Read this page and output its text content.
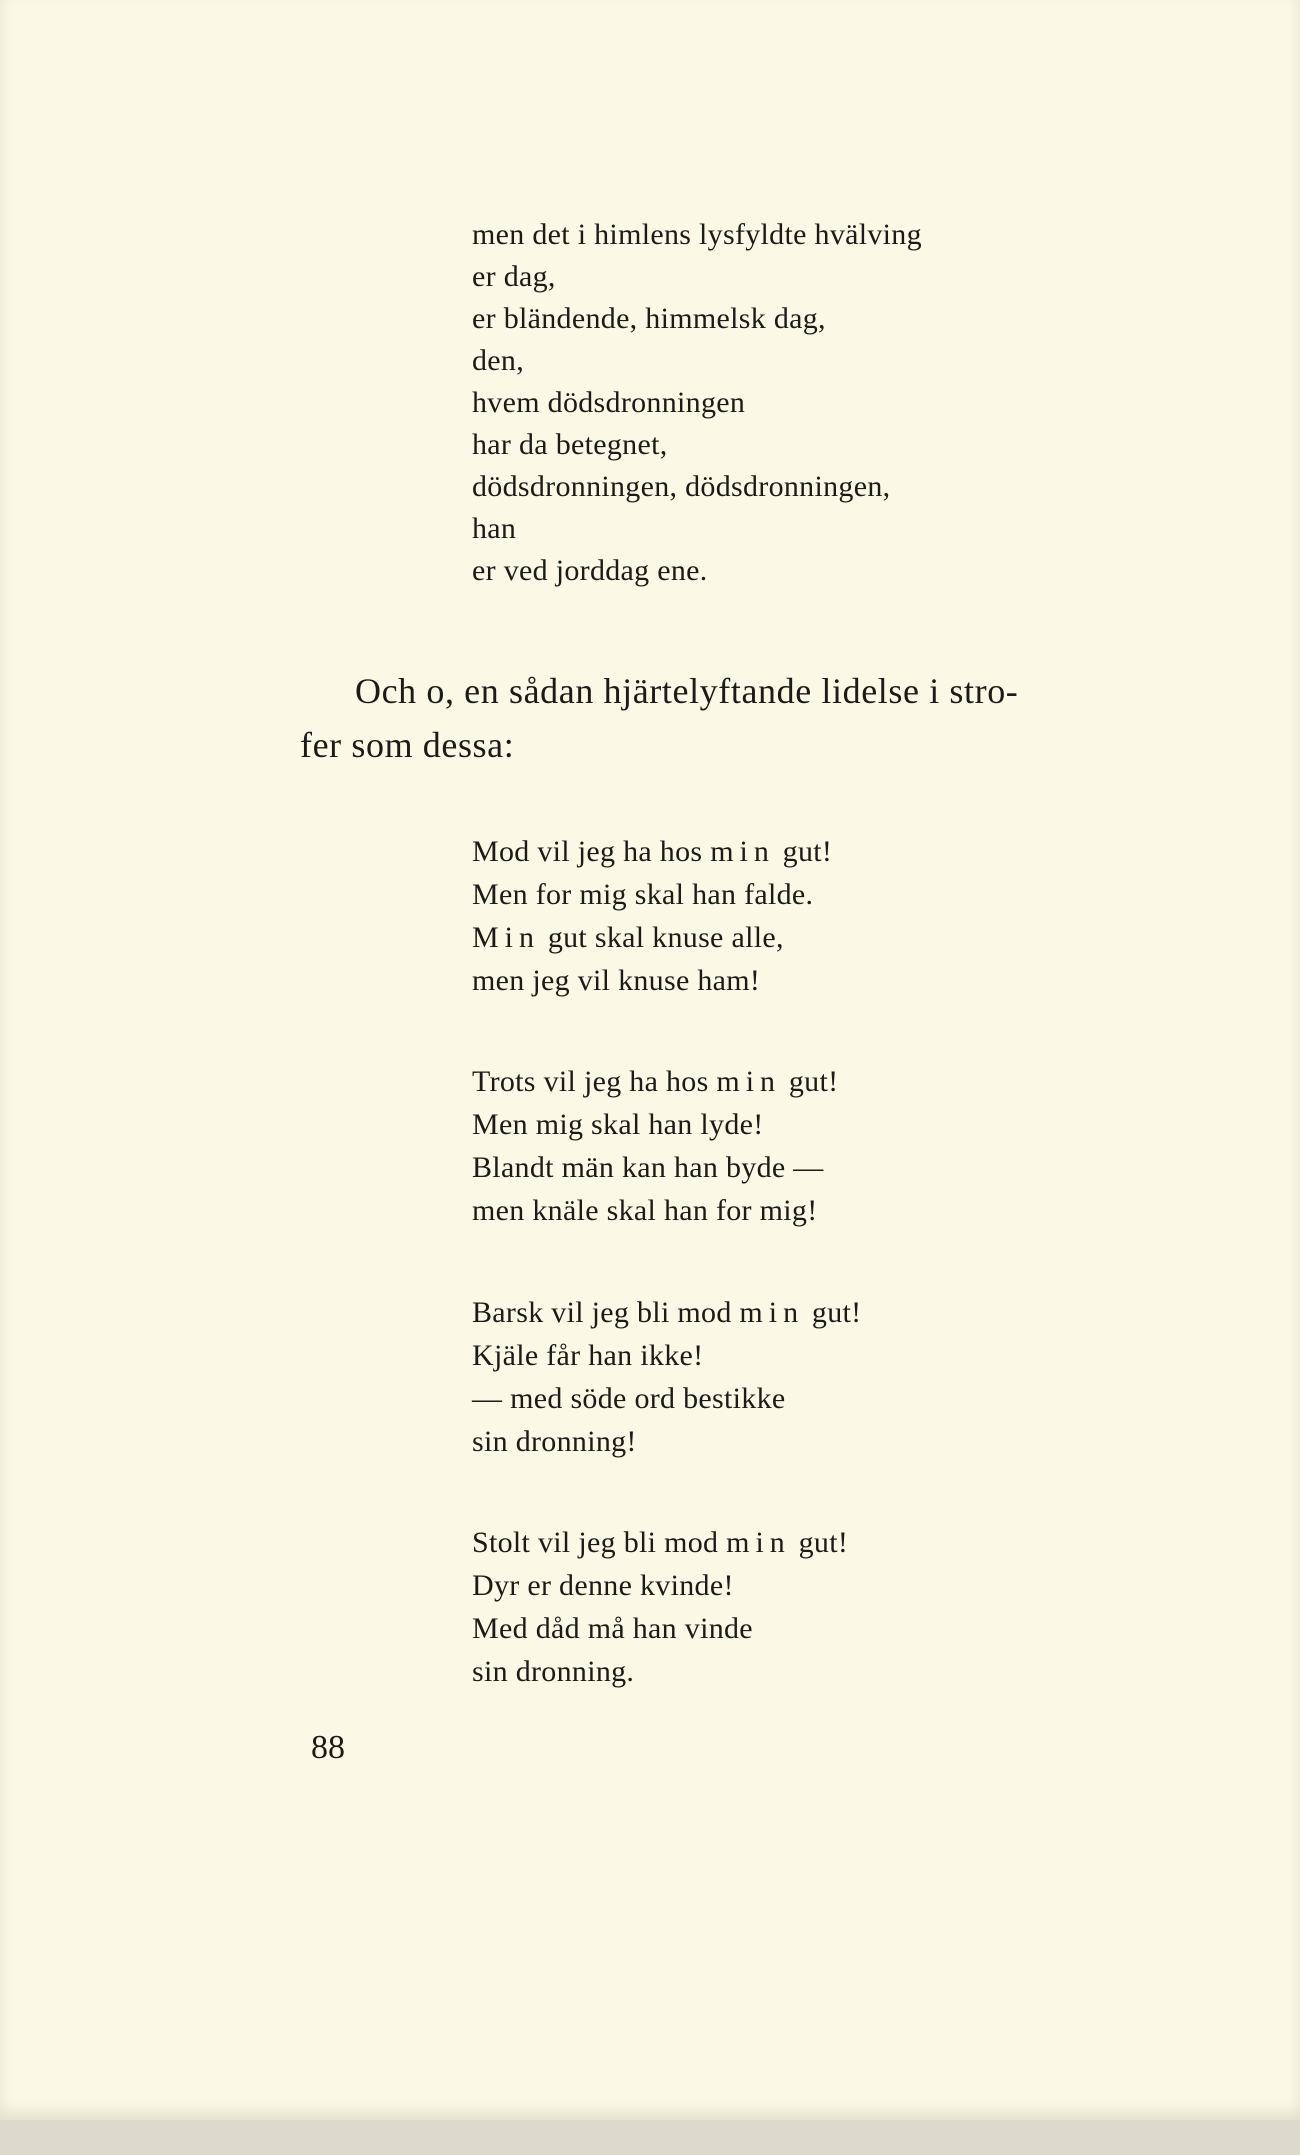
men det i himlens lysfyldte hvälving
er dag,
er bländende, himmelsk dag,
den,
hvem dödsdronningen
har da betegnet,
dödsdronningen, dödsdronningen,
han
er ved jorddag ene.
Och o, en sådan hjärtelyftande lidelse i stro-
fer som dessa:
Mod vil jeg ha hos min gut!
Men for mig skal han falde.
Min gut skal knuse alle,
men jeg vil knuse ham!
Trots vil jeg ha hos min gut!
Men mig skal han lyde!
Blandt män kan han byde —
men knäle skal han for mig!
Barsk vil jeg bli mod min gut!
Kjäle får han ikke!
— med söde ord bestikke
sin dronning!
Stolt vil jeg bli mod min gut!
Dyr er denne kvinde!
Med dåd må han vinde
sin dronning.
88
